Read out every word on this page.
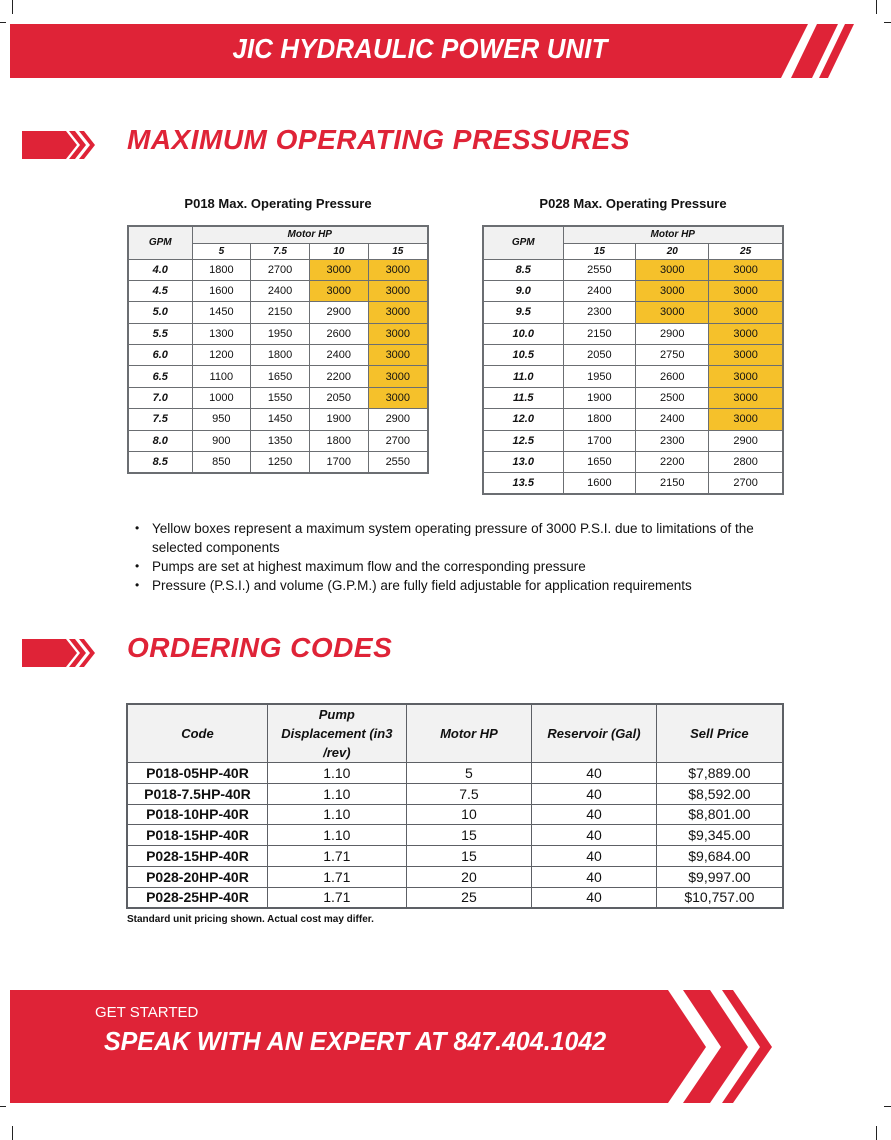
JIC HYDRAULIC POWER UNIT
MAXIMUM OPERATING PRESSURES
P018 Max. Operating Pressure
GPM	Motor HP			
	5	7.5	10	15
4.0	1800	2700	3000	3000
4.5	1600	2400	3000	3000
5.0	1450	2150	2900	3000
5.5	1300	1950	2600	3000
6.0	1200	1800	2400	3000
6.5	1100	1650	2200	3000
7.0	1000	1550	2050	3000
7.5	950	1450	1900	2900
8.0	900	1350	1800	2700
8.5	850	1250	1700	2550
P028 Max. Operating Pressure
GPM	Motor HP		
	15	20	25
8.5	2550	3000	3000
9.0	2400	3000	3000
9.5	2300	3000	3000
10.0	2150	2900	3000
10.5	2050	2750	3000
11.0	1950	2600	3000
11.5	1900	2500	3000
12.0	1800	2400	3000
12.5	1700	2300	2900
13.0	1650	2200	2800
13.5	1600	2150	2700
• Yellow boxes represent a maximum system operating pressure of 3000 P.S.I. due to limitations of the selected components
• Pumps are set at highest maximum flow and the corresponding pressure
• Pressure (P.S.I.) and volume (G.P.M.) are fully field adjustable for application requirements
ORDERING CODES
Code	Pump Displacement (in3 /rev)	Motor HP	Reservoir (Gal)	Sell Price
P018-05HP-40R	1.10	5	40	$7,889.00
P018-7.5HP-40R	1.10	7.5	40	$8,592.00
P018-10HP-40R	1.10	10	40	$8,801.00
P018-15HP-40R	1.10	15	40	$9,345.00
P028-15HP-40R	1.71	15	40	$9,684.00
P028-20HP-40R	1.71	20	40	$9,997.00
P028-25HP-40R	1.71	25	40	$10,757.00
Standard unit pricing shown. Actual cost may differ.
GET STARTED
SPEAK WITH AN EXPERT AT 847.404.1042
